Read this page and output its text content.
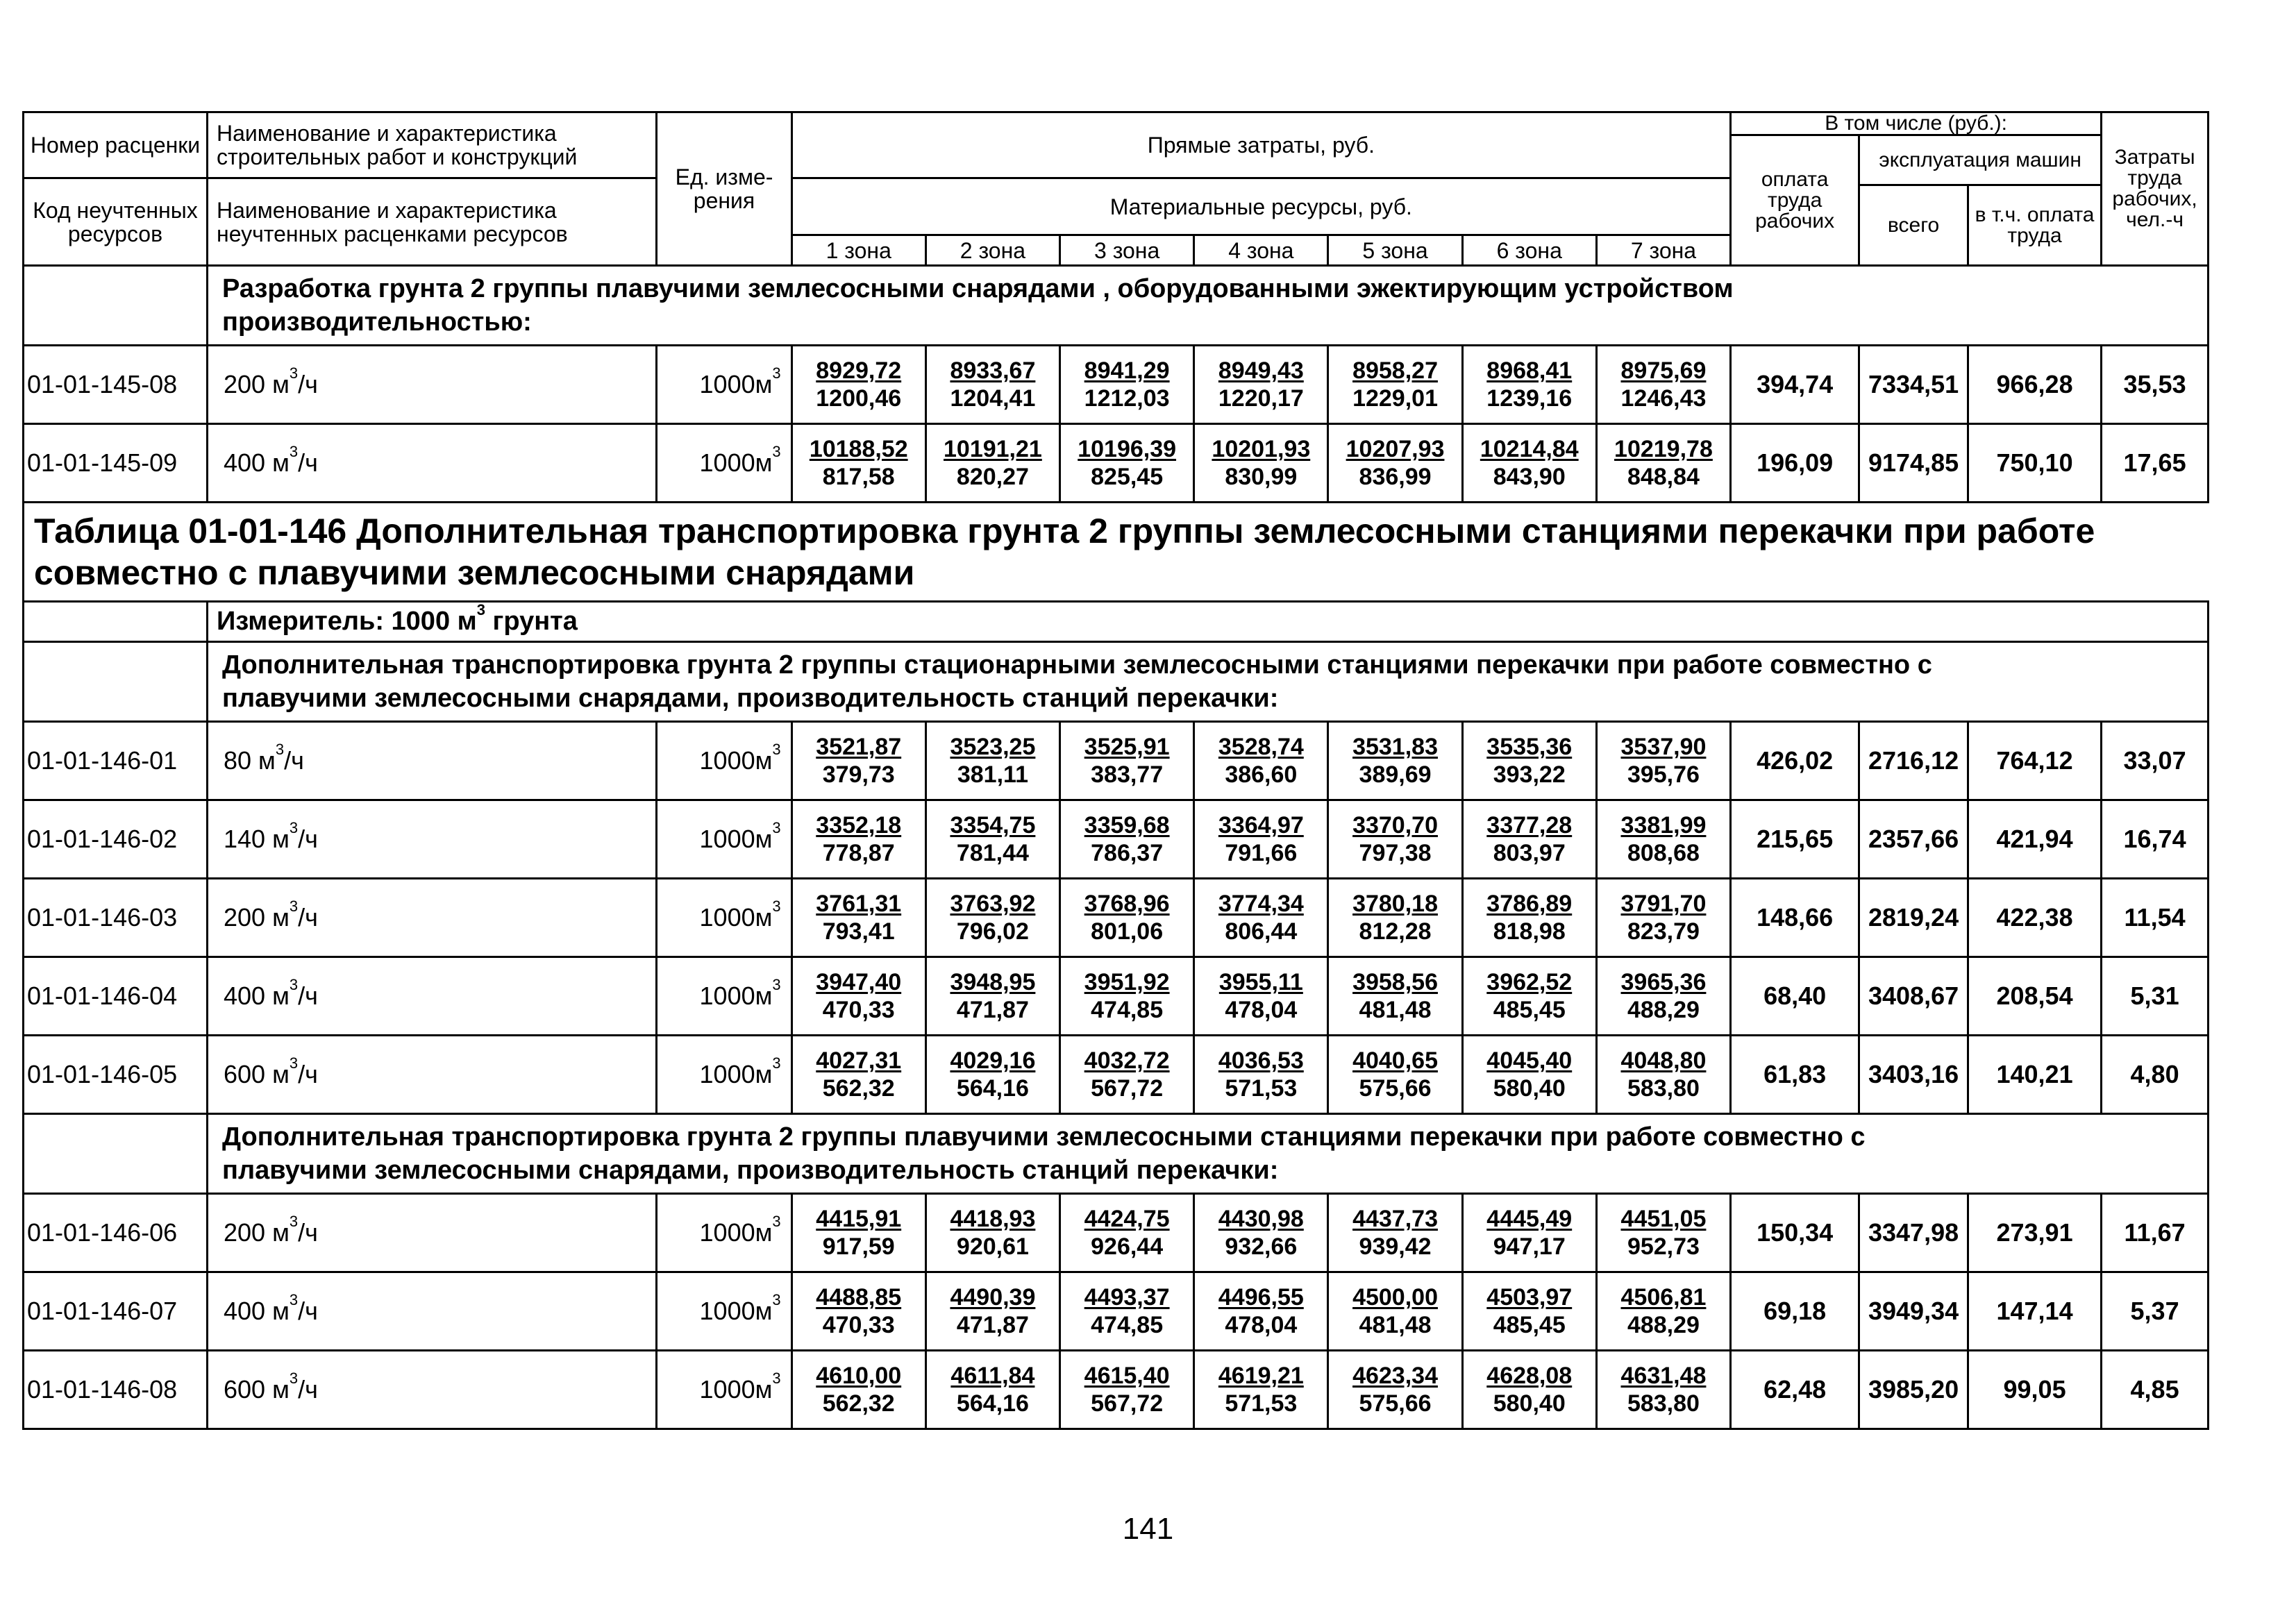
Номер расценки	Наименование и характеристика строительных работ и конструкций	Ед. изме-рения	Прямые затраты, руб.							В том числе (руб.):			Затраты труда рабочих, чел.-ч
										оплата труда рабочих	эксплуатация машин		

Код неучтенных ресурсов	Наименование и характеристика неучтенных расценками ресурсов		Материальные ресурсы, руб.										
											всего	в т.ч. оплата труда	

			1 зона	2 зона	3 зона	4 зона	5 зона	6 зона	7 зона				
	Разработка грунта 2 группы плавучими землесосными снарядами , оборудованными эжектирующим устройством

производительностью:												

01-01-145-08	200 $м^3/ч$	$1000м^3$	$\frac{8929,72}{1200,46}$	$\frac{8933,67}{1204,41}$	$\frac{8941,29}{1212,03}$	$\frac{8949,43}{1220,17}$	$\frac{8958,27}{1229,01}$	$\frac{8968,41}{1239,16}$	$\frac{8975,69}{1246,43}$	394,74	7334,51	966,28	35,53
01-01-145-09	400 $м^3/ч$	$1000м^3$	$\frac{10188,52}{817,58}$	$\frac{10191,21}{820,27}$	$\frac{10196,39}{825,45}$	$\frac{10201,93}{830,99}$	$\frac{10207,93}{836,99}$	$\frac{10214,84}{843,90}$	$\frac{10219,78}{848,84}$	196,09	9174,85	750,10	17,65
Таблица 01-01-146 Дополнительная транспортировка грунта 2 группы землесосными станциями перекачки при работе совместно с плавучими землесосными снарядами													
	Измеритель: 1000 $м^3$ грунта												
	Дополнительная транспортировка грунта 2 группы стационарными землесосными станциями перекачки при работе совместно с

плавучими землесосными снарядами, производительность станций перекачки:												

01-01-146-01	80 $м^3/ч$	$1000м^3$	$\frac{3521,87}{379,73}$	$\frac{3523,25}{381,11}$	$\frac{3525,91}{383,77}$	$\frac{3528,74}{386,60}$	$\frac{3531,83}{389,69}$	$\frac{3535,36}{393,22}$	$\frac{3537,90}{395,76}$	426,02	2716,12	764,12	33,07
01-01-146-02	140 $м^3/ч$	$1000м^3$	$\frac{3352,18}{778,87}$	$\frac{3354,75}{781,44}$	$\frac{3359,68}{786,37}$	$\frac{3364,97}{791,66}$	$\frac{3370,70}{797,38}$	$\frac{3377,28}{803,97}$	$\frac{3381,99}{808,68}$	215,65	2357,66	421,94	16,74
01-01-146-03	200 $м^3/ч$	$1000м^3$	$\frac{3761,31}{793,41}$	$\frac{3763,92}{796,02}$	$\frac{3768,96}{801,06}$	$\frac{3774,34}{806,44}$	$\frac{3780,18}{812,28}$	$\frac{3786,89}{818,98}$	$\frac{3791,70}{823,79}$	148,66	2819,24	422,38	11,54
01-01-146-04	400 $м^3/ч$	$1000м^3$	$\frac{3947,40}{470,33}$	$\frac{3948,95}{471,87}$	$\frac{3951,92}{474,85}$	$\frac{3955,11}{478,04}$	$\frac{3958,56}{481,48}$	$\frac{3962,52}{485,45}$	$\frac{3965,36}{488,29}$	68,40	3408,67	208,54	5,31
01-01-146-05	600 $м^3/ч$	$1000м^3$	$\frac{4027,31}{562,32}$	$\frac{4029,16}{564,16}$	$\frac{4032,72}{567,72}$	$\frac{4036,53}{571,53}$	$\frac{4040,65}{575,66}$	$\frac{4045,40}{580,40}$	$\frac{4048,80}{583,80}$	61,83	3403,16	140,21	4,80
	Дополнительная транспортировка грунта 2 группы плавучими землесосными станциями перекачки при работе совместно с

плавучими землесосными снарядами, производительность станций перекачки:												

01-01-146-06	200 $м^3/ч$	$1000м^3$	$\frac{4415,91}{917,59}$	$\frac{4418,93}{920,61}$	$\frac{4424,75}{926,44}$	$\frac{4430,98}{932,66}$	$\frac{4437,73}{939,42}$	$\frac{4445,49}{947,17}$	$\frac{4451,05}{952,73}$	150,34	3347,98	273,91	11,67
01-01-146-07	400 $м^3/ч$	$1000м^3$	$\frac{4488,85}{470,33}$	$\frac{4490,39}{471,87}$	$\frac{4493,37}{474,85}$	$\frac{4496,55}{478,04}$	$\frac{4500,00}{481,48}$	$\frac{4503,97}{485,45}$	$\frac{4506,81}{488,29}$	69,18	3949,34	147,14	5,37
01-01-146-08	600 $м^3/ч$	$1000м^3$	$\frac{4610,00}{562,32}$	$\frac{4611,84}{564,16}$	$\frac{4615,40}{567,72}$	$\frac{4619,21}{571,53}$	$\frac{4623,34}{575,66}$	$\frac{4628,08}{580,40}$	$\frac{4631,48}{583,80}$	62,48	3985,20	99,05	4,85
141
